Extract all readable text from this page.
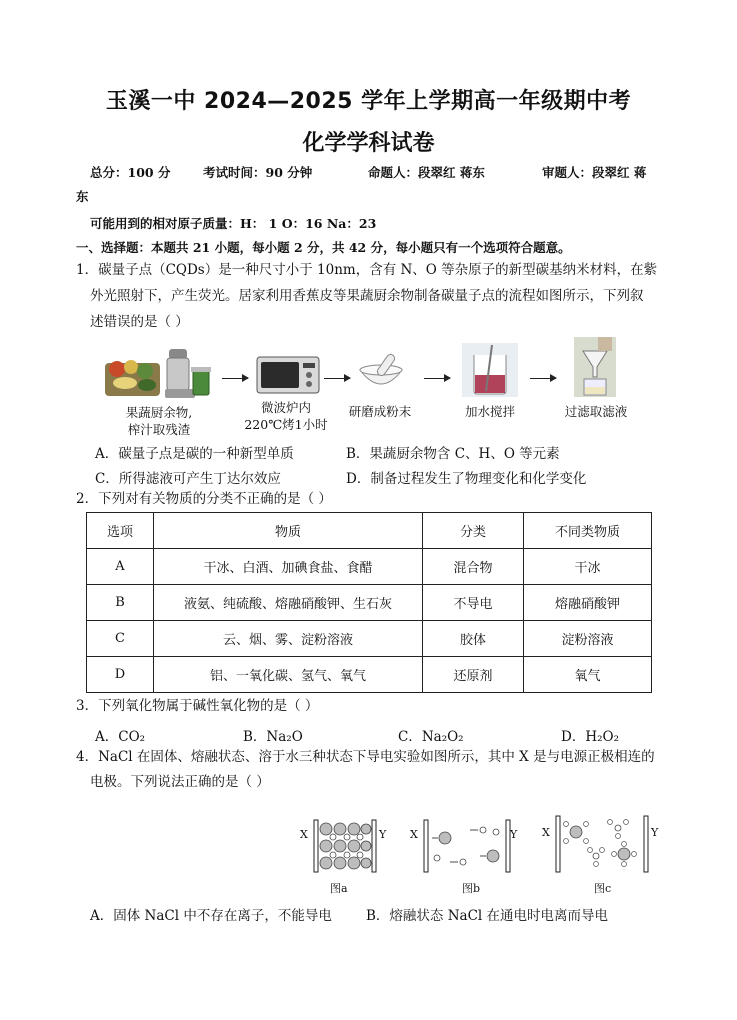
玉溪一中 2024—2025 学年上学期高一年级期中考
化学学科试卷
总分：100 分	考试时间：90 分钟	命题人：段翠红 蒋东	审题人：段翠红 蒋
东
可能用到的相对原子质量：H： 1 O：16 Na：23
一、选择题：本题共 21 小题，每小题 2 分，共 42 分，每小题只有一个选项符合题意。
1．碳量子点（CQDs）是一种尺寸小于 10nm，含有 N、O 等杂原子的新型碳基纳米材料，在紫
外光照射下，产生荧光。居家利用香蕉皮等果蔬厨余物制备碳量子点的流程如图所示，下列叙
述错误的是（ ）
果蔬厨余物,
榨汁取残渣
微波炉内
220℃烤1小时
研磨成粉末	加水搅拌	过滤取滤液
A．碳量子点是碳的一种新型单质	B．果蔬厨余物含 C、H、O 等元素
C．所得滤液可产生丁达尔效应	D．制备过程发生了物理变化和化学变化
2．下列对有关物质的分类不正确的是（ ）
选项	物质	分类	不同类物质
A	干冰、白酒、加碘食盐、食醋	混合物	干冰
B	液氨、纯硫酸、熔融硝酸钾、生石灰	不导电	熔融硝酸钾
C	云、烟、雾、淀粉溶液	胶体	淀粉溶液
D	铝、一氧化碳、氢气、氧气	还原剂	氧气
3．下列氧化物属于碱性氧化物的是（ ）
A．CO₂	B．Na₂O	C．Na₂O₂	D．H₂O₂
4．NaCl 在固体、熔融状态、溶于水三种状态下导电实验如图所示，其中 X 是与电源正极相连的
电极。下列说法正确的是（ ）
X	Y
图a
X	Y
图b
X	Y
图c
A．固体 NaCl 中不存在离子，不能导电	B．熔融状态 NaCl 在通电时电离而导电
